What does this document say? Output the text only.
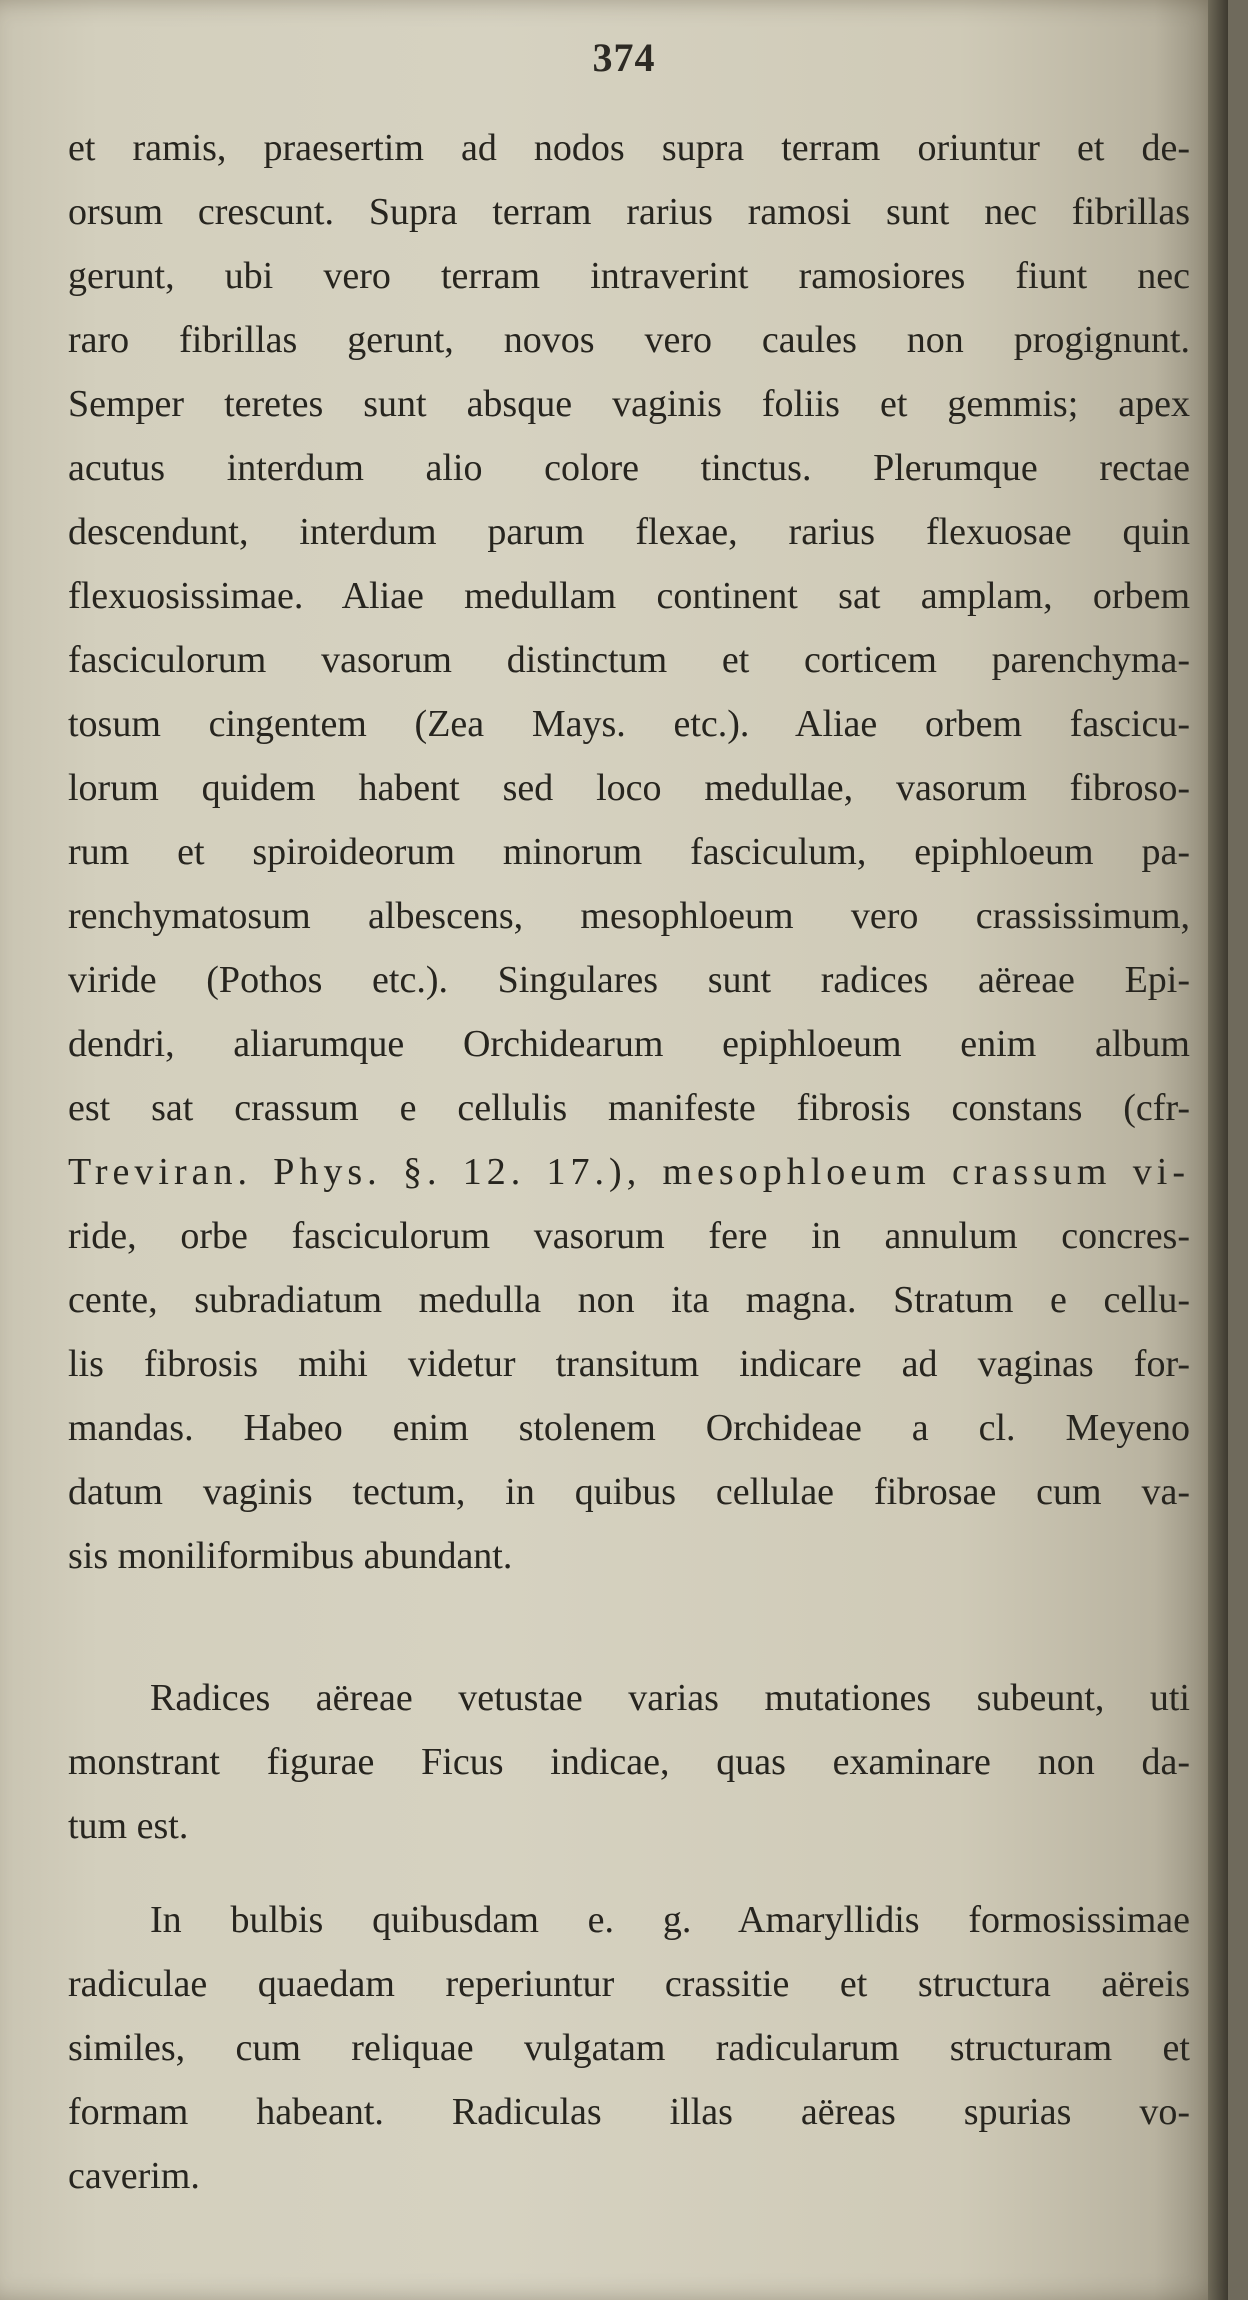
374
et ramis, praesertim ad nodos supra terram oriuntur et de-
orsum crescunt. Supra terram rarius ramosi sunt nec fibrillas
gerunt, ubi vero terram intraverint ramosiores fiunt nec
raro fibrillas gerunt, novos vero caules non progignunt.
Semper teretes sunt absque vaginis foliis et gemmis; apex
acutus interdum alio colore tinctus. Plerumque rectae
descendunt, interdum parum flexae, rarius flexuosae quin
flexuosissimae. Aliae medullam continent sat amplam, orbem
fasciculorum vasorum distinctum et corticem parenchyma-
tosum cingentem (Zea Mays. etc.). Aliae orbem fascicu-
lorum quidem habent sed loco medullae, vasorum fibroso-
rum et spiroideorum minorum fasciculum, epiphloeum pa-
renchymatosum albescens, mesophloeum vero crassissimum,
viride (Pothos etc.). Singulares sunt radices aëreae Epi-
dendri, aliarumque Orchidearum epiphloeum enim album
est sat crassum e cellulis manifeste fibrosis constans (cfr-
Treviran. Phys. §. 12. 17.), mesophloeum crassum vi-
ride, orbe fasciculorum vasorum fere in annulum concres-
cente, subradiatum medulla non ita magna. Stratum e cellu-
lis fibrosis mihi videtur transitum indicare ad vaginas for-
mandas. Habeo enim stolenem Orchideae a cl. Meyeno
datum vaginis tectum, in quibus cellulae fibrosae cum va-
sis moniliformibus abundant.
Radices aëreae vetustae varias mutationes subeunt, uti
monstrant figurae Ficus indicae, quas examinare non da-
tum est.
In bulbis quibusdam e. g. Amaryllidis formosissimae
radiculae quaedam reperiuntur crassitie et structura aëreis
similes, cum reliquae vulgatam radicularum structuram et
formam habeant. Radiculas illas aëreas spurias vo-
caverim.
